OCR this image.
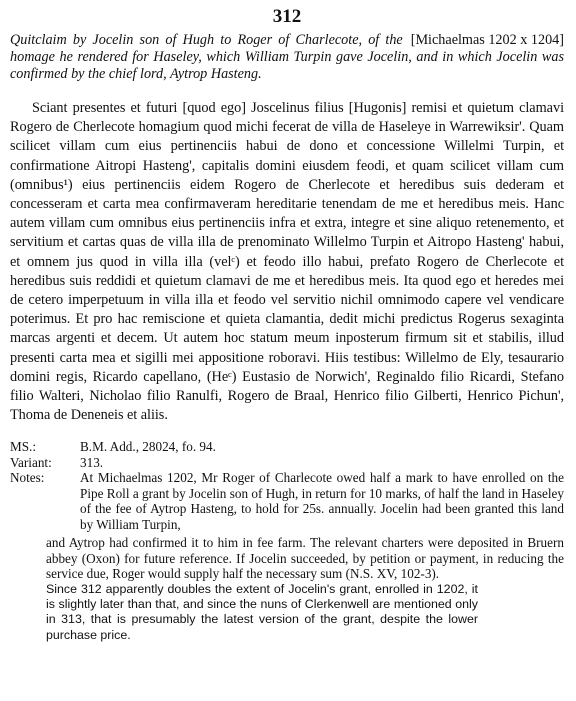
312
[Michaelmas 1202 x 1204]
Quitclaim by Jocelin son of Hugh to Roger of Charlecote, of the homage he rendered for Haseley, which William Turpin gave Jocelin, and in which Jocelin was confirmed by the chief lord, Aytrop Hasteng.

Sciant presentes et futuri [quod ego] Joscelinus filius [Hugonis] remisi et quietum clamavi Rogero de Cherlecote homagium quod michi fecerat de villa de Haseleye in Warrewiksir'. Quam scilicet villam cum eius pertinenciis habui de dono et concessione Willelmi Turpin, et confirmatione Aitropi Hasteng', capitalis domini eiusdem feodi, et quam scilicet villam cum (omnibus¹) eius pertinenciis eidem Rogero de Cherlecote et heredibus suis dederam et concesseram et carta mea confirmaveram hereditarie tenendam de me et heredibus meis. Hanc autem villam cum omnibus eius pertinenciis infra et extra, integre et sine aliquo retenemento, et servitium et cartas quas de villa illa de prenominato Willelmo Turpin et Aitropo Hasteng' habui, et omnem jus quod in villa illa (velᶜ) et feodo illo habui, prefato Rogero de Cherlecote et heredibus suis reddidi et quietum clamavi de me et heredibus meis. Ita quod ego et heredes mei de cetero imperpetuum in villa illa et feodo vel servitio nichil omnimodo capere vel vendicare poterimus. Et pro hac remiscione et quieta clamantia, dedit michi predictus Rogerus sexaginta marcas argenti et decem. Ut autem hoc statum meum inposterum firmum sit et stabilis, illud presenti carta mea et sigilli mei appositione roboravi. Hiis testibus: Willelmo de Ely, tesaurario domini regis, Ricardo capellano, (Heᶜ) Eustasio de Norwich', Reginaldo filio Ricardi, Stefano filio Walteri, Nicholao filio Ranulfi, Rogero de Braal, Henrico filio Gilberti, Henrico Pichun', Thoma de Deneneis et aliis.

MS.:	B.M. Add., 28024, fo. 94.
Variant:	313.
Notes:	At Michaelmas 1202, Mr Roger of Charlecote owed half a mark to have enrolled on the Pipe Roll a grant by Jocelin son of Hugh, in return for 10 marks, of half the land in Haseley of the fee of Aytrop Hasteng, to hold for 25s. annually. Jocelin had been granted this land by William Turpin,
and Aytrop had confirmed it to him in fee farm. The relevant charters were deposited in Bruern abbey (Oxon) for future reference. If Jocelin succeeded, by petition or payment, in reducing the service due, Roger would supply half the necessary sum (N.S. XV, 102-3).
Since 312 apparently doubles the extent of Jocelin's grant, enrolled in 1202, it is slightly later than that, and since the nuns of Clerkenwell are mentioned only in 313, that is presumably the latest version of the grant, despite the lower purchase price.
